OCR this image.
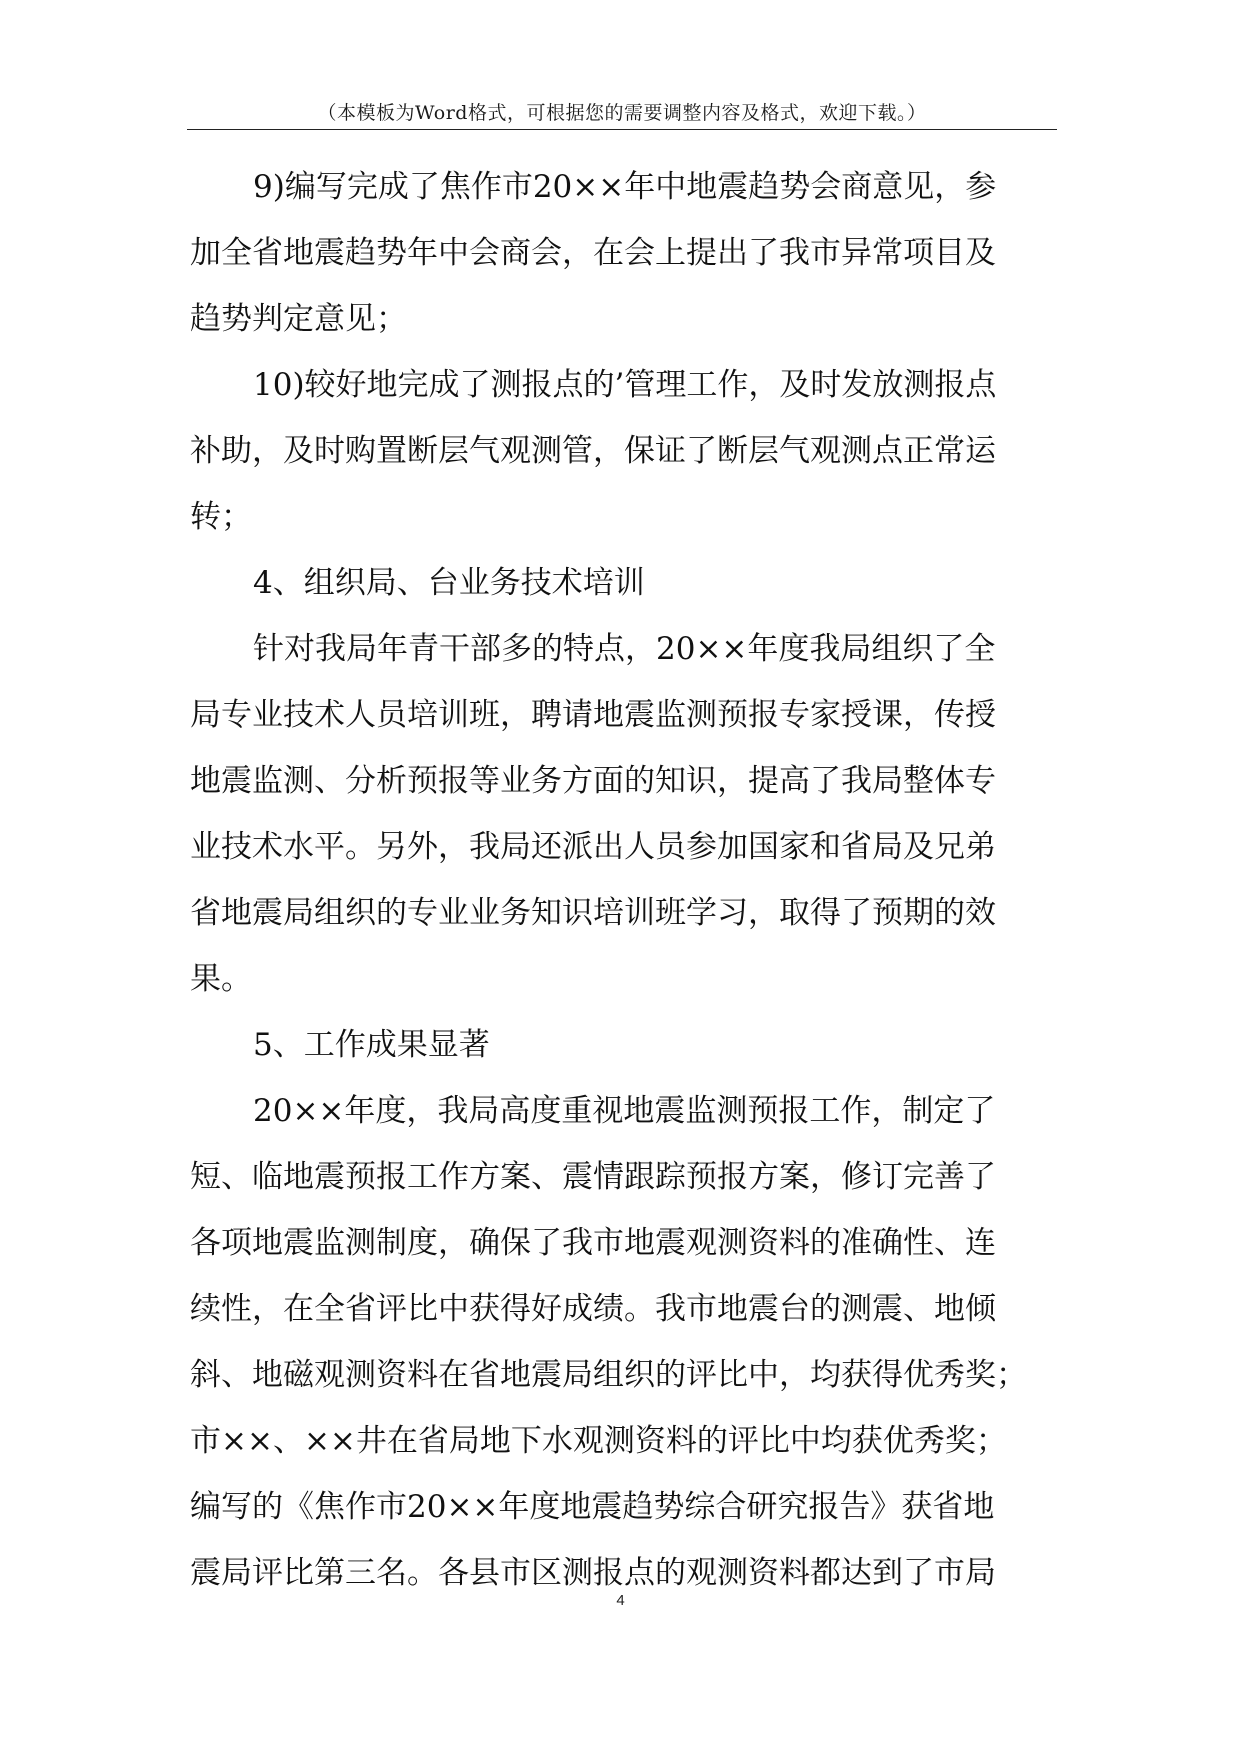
（本模板为Word格式，可根据您的需要调整内容及格式，欢迎下载。）
9)编写完成了焦作市20××年中地震趋势会商意见，参
加全省地震趋势年中会商会，在会上提出了我市异常项目及
趋势判定意见；
10)较好地完成了测报点的’管理工作，及时发放测报点
补助，及时购置断层气观测管，保证了断层气观测点正常运
转；
4、组织局、台业务技术培训
针对我局年青干部多的特点，20××年度我局组织了全
局专业技术人员培训班，聘请地震监测预报专家授课，传授
地震监测、分析预报等业务方面的知识，提高了我局整体专
业技术水平。另外，我局还派出人员参加国家和省局及兄弟
省地震局组织的专业业务知识培训班学习，取得了预期的效
果。
5、工作成果显著
20××年度，我局高度重视地震监测预报工作，制定了
短、临地震预报工作方案、震情跟踪预报方案，修订完善了
各项地震监测制度，确保了我市地震观测资料的准确性、连
续性，在全省评比中获得好成绩。我市地震台的测震、地倾
斜、地磁观测资料在省地震局组织的评比中，均获得优秀奖；
市××、××井在省局地下水观测资料的评比中均获优秀奖；
编写的《焦作市20××年度地震趋势综合研究报告》获省地
震局评比第三名。各县市区测报点的观测资料都达到了市局
4
